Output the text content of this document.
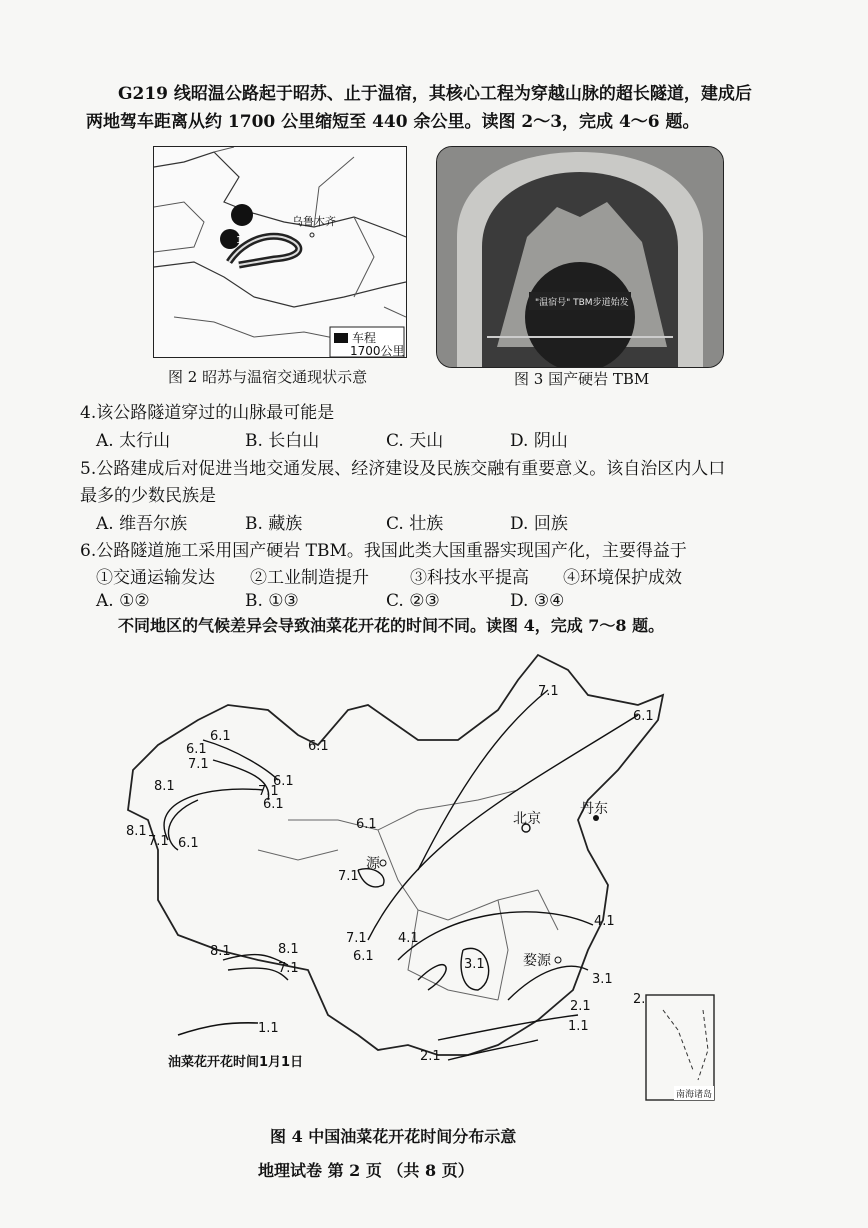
G219 线昭温公路起于昭苏、止于温宿，其核心工程为穿越山脉的超长隧道，建成后
两地驾车距离从约 1700 公里缩短至 440 余公里。读图 2～3，完成 4～6 题。
1
乌鲁木齐
车程
1700公里
图 2 昭苏与温宿交通现状示意
"温宿号" TBM步道始发
图 3 国产硬岩 TBM
4.该公路隧道穿过的山脉最可能是
A. 太行山	B. 长白山	C. 天山	D. 阴山
5.公路建成后对促进当地交通发展、经济建设及民族交融有重要意义。该自治区内人口
最多的少数民族是
A. 维吾尔族	B. 藏族	C. 壮族	D. 回族
6.公路隧道施工采用国产硬岩 TBM。我国此类大国重器实现国产化，主要得益于
①交通运输发达 ②工业制造提升 ③科技水平提高 ④环境保护成效
A. ①②	B. ①③	C. ②③	D. ③④
不同地区的气候差异会导致油菜花开花的时间不同。读图 4，完成 7～8 题。
7.1
6.1
6.1
6.1
7.1
6.1
8.1	6.1
7.1
6.1
8.1
7.1 6.1
6.1
7.1
7.1
6.1
4.1
3.1
4.1
3.1
8.1	8.1
7.1
2.1
1.1
2.1
2.
1.1
北京
丹东
源
婺源
油菜花开花时间1月1日
南海诸岛
图 4 中国油菜花开花时间分布示意
地理试卷 第 2 页 （共 8 页）
